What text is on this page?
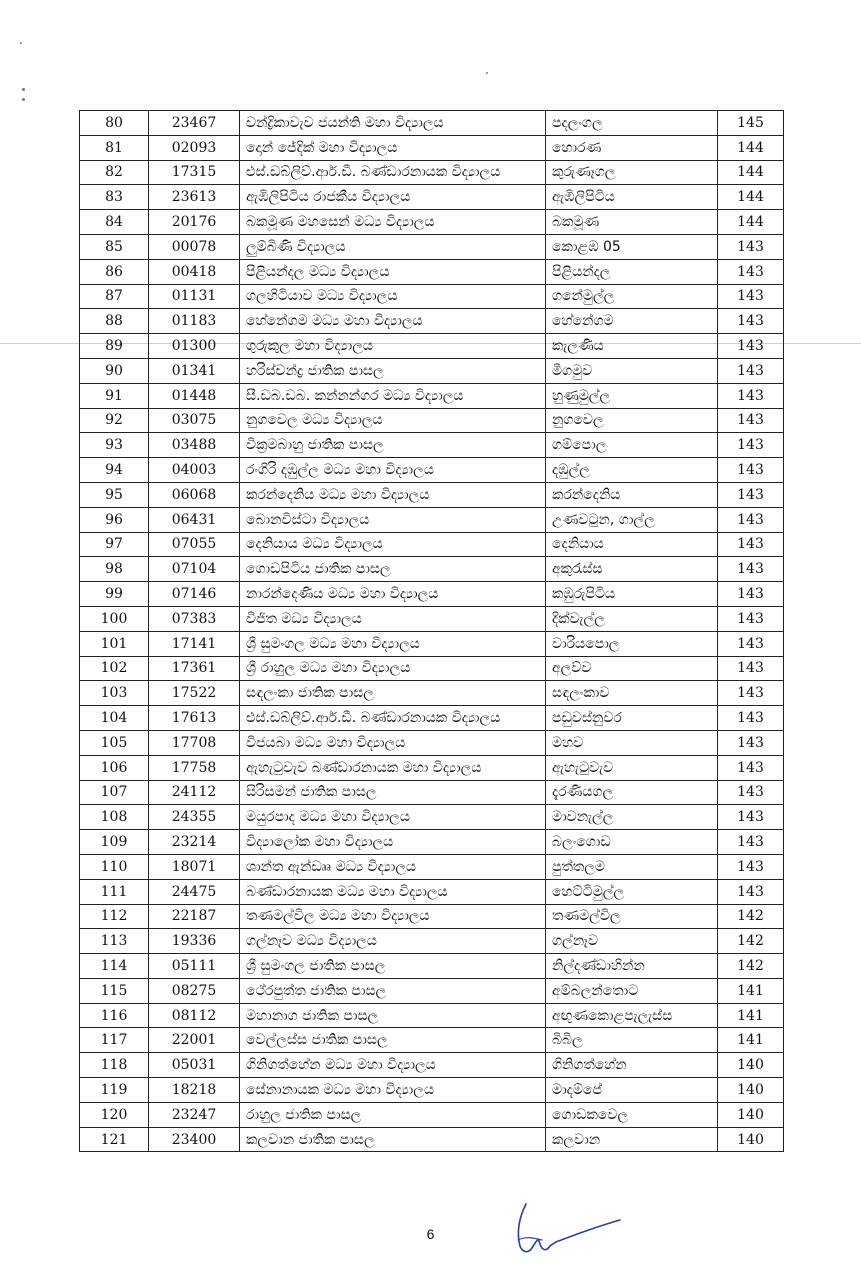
80	23467	චන්ද්‍රිකාවැව ජයන්ති මහා විද්‍යාලය	පදලංගල	145
81	02093	දොන් ජේදික් මහා විද්‍යාලය	හොරණ	144
82	17315	එස්.ඩබ්ලිව්.ආර්.ඩී. බණ්ඩාරනායක විද්‍යාලය	කුරුණෑගල	144
83	23613	ඇඹිලිපිටිය රාජකීය විද්‍යාලය	ඇඹිලිපිටිය	144
84	20176	බකමූණ මහසෙන් මධ්‍ය විද්‍යාලය	බකමූණ	144
85	00078	ලුම්බිණි විද්‍යාලය	කොළඹ 05	143
86	00418	පිළියන්දල මධ්‍ය විද්‍යාලය	පිළියන්දල	143
87	01131	ගලහිටියාව මධ්‍ය විද්‍යාලය	ගනේමුල්ල	143
88	01183	හේනේගම මධ්‍ය මහා විද්‍යාලය	හේනේගම	143
89	01300	ගුරුකුල මහා විද්‍යාලය	කැලණිය	143
90	01341	හරිස්චන්ද්‍ර ජාතික පාසල	මීගමුව	143
91	01448	සී.ඩබ.ඩබ. කන්නන්ගර මධ්‍ය විද්‍යාලය	හුණුමුල්ල	143
92	03075	නුගවෙල මධ්‍ය විද්‍යාලය	නුගවෙල	143
93	03488	වික්‍රමබාහු ජාතික පාසල	ගම්පොල	143
94	04003	රංගිරි දඹුල්ල මධ්‍ය මහා විද්‍යාලය	දඹුල්ල	143
95	06068	කරන්දෙනිය මධ්‍ය මහා විද්‍යාලය	කරන්දෙනිය	143
96	06431	බොනවිස්ටා විද්‍යාලය	උණවටුන, ගාල්ල	143
97	07055	දෙනියාය මධ්‍ය විද්‍යාලය	දෙනියාය	143
98	07104	ගොඩපිටිය ජාතික පාසල	අකුරැස්ස	143
99	07146	නාරන්දෙණිය මධ්‍ය මහා විද්‍යාලය	කඹුරුපිටිය	143
100	07383	විජිත මධ්‍ය විද්‍යාලය	දික්වැල්ල	143
101	17141	ශ්‍රී සුමංගල මධ්‍ය මහා විද්‍යාලය	වාරියපොල	143
102	17361	ශ්‍රී රාහුල මධ්‍ය මහා විද්‍යාලය	අලව්ව	143
103	17522	සඳලංකා ජාතික පාසල	සඳලංකාව	143
104	17613	එස්.ඩබ්ලිව්.ආර්.ඩී. බණ්ඩාරනායක විද්‍යාලය	පඩුවස්නුවර	143
105	17708	විජයබා මධ්‍ය මහා විද්‍යාලය	මහව	143
106	17758	ඇහැටුවැව බණ්ඩාරනායක මහා විද්‍යාලය	ඇහැටුවැව	143
107	24112	සිරිසමන් ජාතික පාසල	දැරණියගල	143
108	24355	මයුරපාද මධ්‍ය මහා විද්‍යාලය	මාවනැල්ල	143
109	23214	විද්‍යාලෝක මහා විද්‍යාලය	බලංගොඩ	143
110	18071	ශාන්ත ඇන්ඩෲ මධ්‍ය විද්‍යාලය	පුත්තලම	143
111	24475	බණ්ඩාරනායක මධ්‍ය මහා විද්‍යාලය	හෙට්ටිමුල්ල	143
112	22187	තණමල්විල මධ්‍ය මහා විද්‍යාලය	තණමල්විල	142
113	19336	ගල්නෑව මධ්‍ය විද්‍යාලය	ගල්නෑව	142
114	05111	ශ්‍රී සුමංගල ජාතික පාසල	නිල්දණ්ඩාහින්න	142
115	08275	ථේරපුත්ත ජාතික පාසල	අම්බලන්තොට	141
116	08112	මහානාග ජාතික පාසල	අඟුණකොළපැලැස්ස	141
117	22001	වෙල්ලස්ස ජාතික පාසල	බිබිල	141
118	05031	ගිනිගත්හේන මධ්‍ය මහා විද්‍යාලය	ගිනිගත්හේන	140
119	18218	සේනානායක මධ්‍ය මහා විද්‍යාලය	මාදම්පේ	140
120	23247	රාහුල ජාතික පාසල	ගොඩකවෙල	140
121	23400	කලවාන ජාතික පාසල	කලවාන	140
6
